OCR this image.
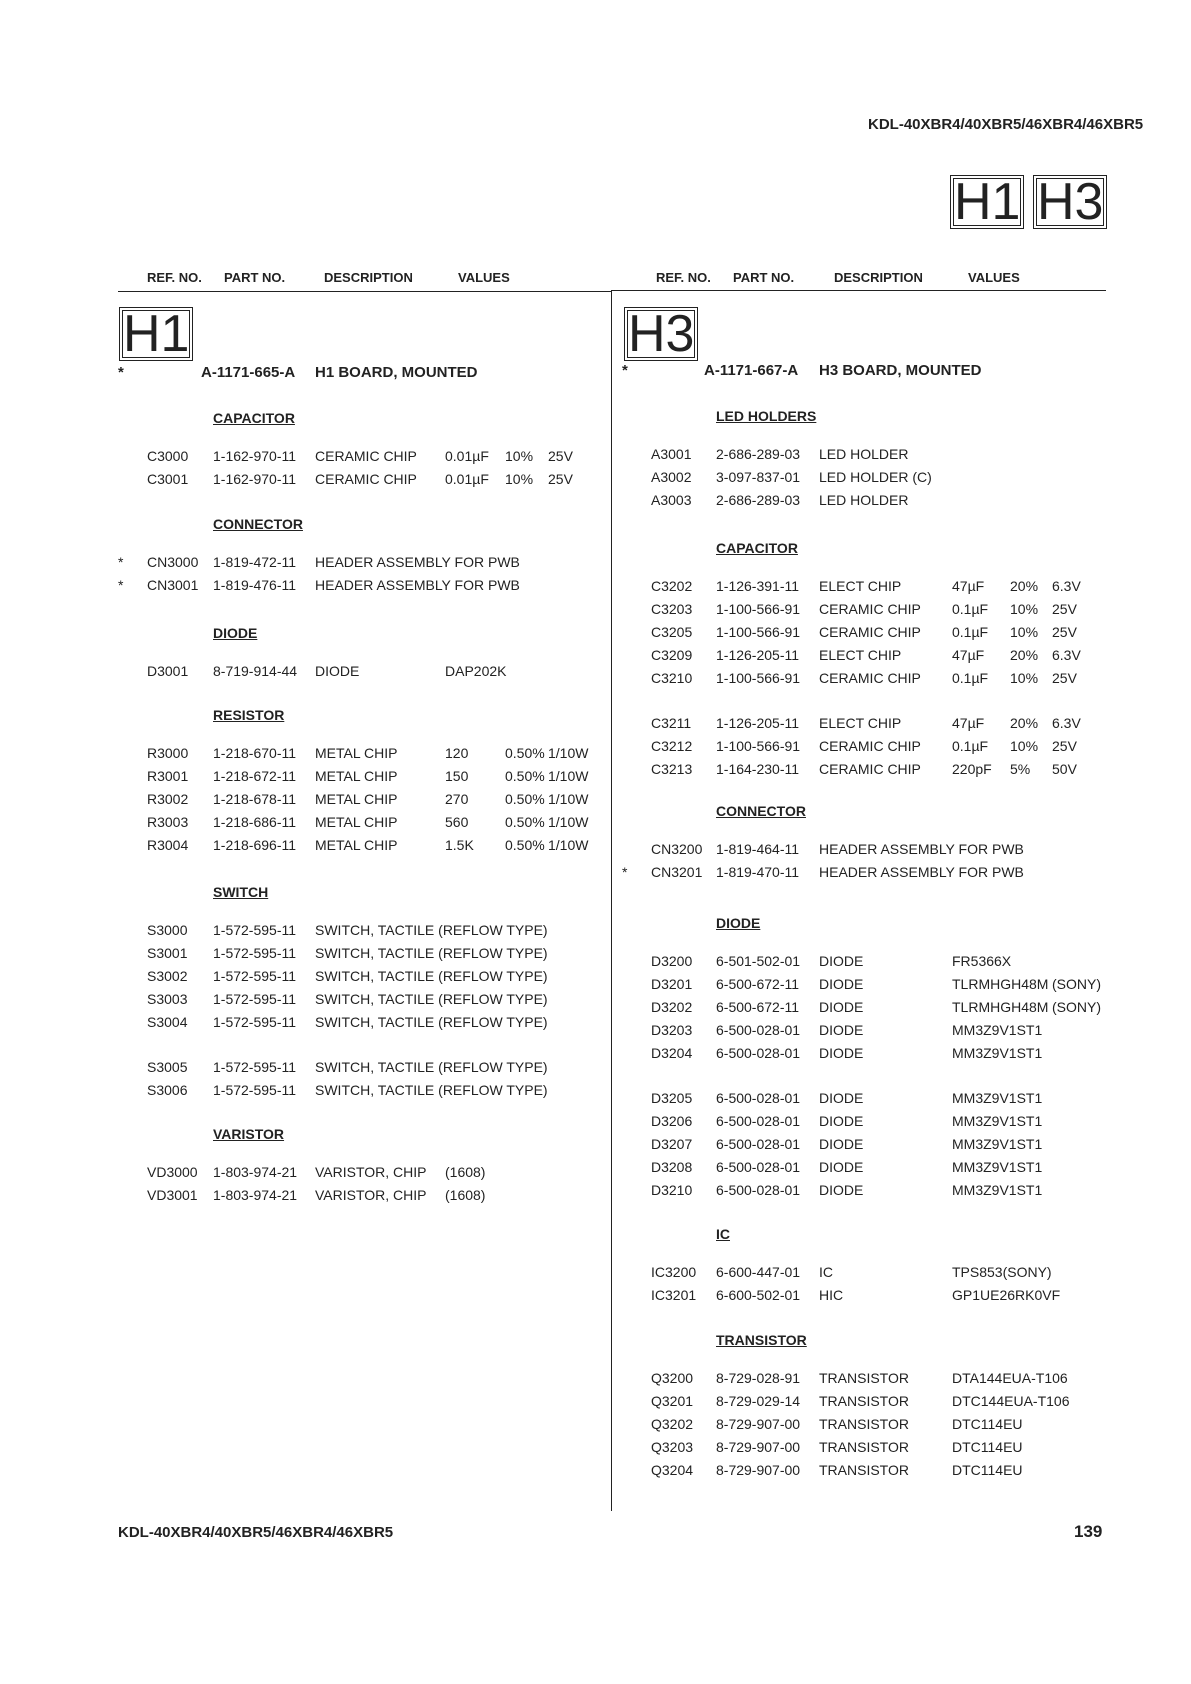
KDL-40XBR4/40XBR5/46XBR4/46XBR5
H1 H3
REF. NO. PART NO.	DESCRIPTION	VALUES	REF. NO. PART NO.	DESCRIPTION	VALUES
H1	H3
*	A-1171-665-A H1 BOARD, MOUNTED
CAPACITOR
C3000 1-162-970-11 CERAMIC CHIP 0.01µF 10% 25V
C3001 1-162-970-11 CERAMIC CHIP 0.01µF 10% 25V
CONNECTOR
* CN3000 1-819-472-11 HEADER ASSEMBLY FOR PWB
* CN3001 1-819-476-11 HEADER ASSEMBLY FOR PWB
DIODE
D3001 8-719-914-44 DIODE	DAP202K
RESISTOR
R3000 1-218-670-11 METAL CHIP	120	0.50% 1/10W
R3001 1-218-672-11 METAL CHIP	150	0.50% 1/10W
R3002 1-218-678-11 METAL CHIP	270	0.50% 1/10W
R3003 1-218-686-11 METAL CHIP	560	0.50% 1/10W
R3004 1-218-696-11 METAL CHIP	1.5K 0.50% 1/10W
SWITCH
S3000 1-572-595-11 SWITCH, TACTILE (REFLOW TYPE)
S3001 1-572-595-11 SWITCH, TACTILE (REFLOW TYPE)
S3002 1-572-595-11 SWITCH, TACTILE (REFLOW TYPE)
S3003 1-572-595-11 SWITCH, TACTILE (REFLOW TYPE)
S3004 1-572-595-11 SWITCH, TACTILE (REFLOW TYPE)
S3005 1-572-595-11 SWITCH, TACTILE (REFLOW TYPE)
S3006 1-572-595-11 SWITCH, TACTILE (REFLOW TYPE)
VARISTOR
VD3000 1-803-974-21 VARISTOR, CHIP (1608)
VD3001 1-803-974-21 VARISTOR, CHIP (1608)
*	A-1171-667-A H3 BOARD, MOUNTED
LED HOLDERS
A3001 2-686-289-03 LED HOLDER
A3002 3-097-837-01 LED HOLDER (C)
A3003 2-686-289-03 LED HOLDER
CAPACITOR
C3202 1-126-391-11 ELECT CHIP	47µF 20% 6.3V
C3203 1-100-566-91 CERAMIC CHIP 0.1µF 10% 25V
C3205 1-100-566-91 CERAMIC CHIP 0.1µF 10% 25V
C3209 1-126-205-11 ELECT CHIP	47µF 20% 6.3V
C3210 1-100-566-91 CERAMIC CHIP 0.1µF 10% 25V
C3211 1-126-205-11 ELECT CHIP	47µF 20% 6.3V
C3212 1-100-566-91 CERAMIC CHIP 0.1µF 10% 25V
C3213 1-164-230-11 CERAMIC CHIP 220pF 5% 50V
CONNECTOR
CN3200 1-819-464-11 HEADER ASSEMBLY FOR PWB
* CN3201 1-819-470-11 HEADER ASSEMBLY FOR PWB
DIODE
D3200 6-501-502-01 DIODE	FR5366X
D3201 6-500-672-11 DIODE	TLRMHGH48M (SONY)
D3202 6-500-672-11 DIODE	TLRMHGH48M (SONY)
D3203 6-500-028-01 DIODE	MM3Z9V1ST1
D3204 6-500-028-01 DIODE	MM3Z9V1ST1
D3205 6-500-028-01 DIODE	MM3Z9V1ST1
D3206 6-500-028-01 DIODE	MM3Z9V1ST1
D3207 6-500-028-01 DIODE	MM3Z9V1ST1
D3208 6-500-028-01 DIODE	MM3Z9V1ST1
D3210 6-500-028-01 DIODE	MM3Z9V1ST1
IC
IC3200 6-600-447-01 IC	TPS853(SONY)
IC3201 6-600-502-01 HIC	GP1UE26RK0VF
TRANSISTOR
Q3200 8-729-028-91 TRANSISTOR	DTA144EUA-T106
Q3201 8-729-029-14 TRANSISTOR	DTC144EUA-T106
Q3202 8-729-907-00 TRANSISTOR	DTC114EU
Q3203 8-729-907-00 TRANSISTOR	DTC114EU
Q3204 8-729-907-00 TRANSISTOR	DTC114EU
KDL-40XBR4/40XBR5/46XBR4/46XBR5	139
